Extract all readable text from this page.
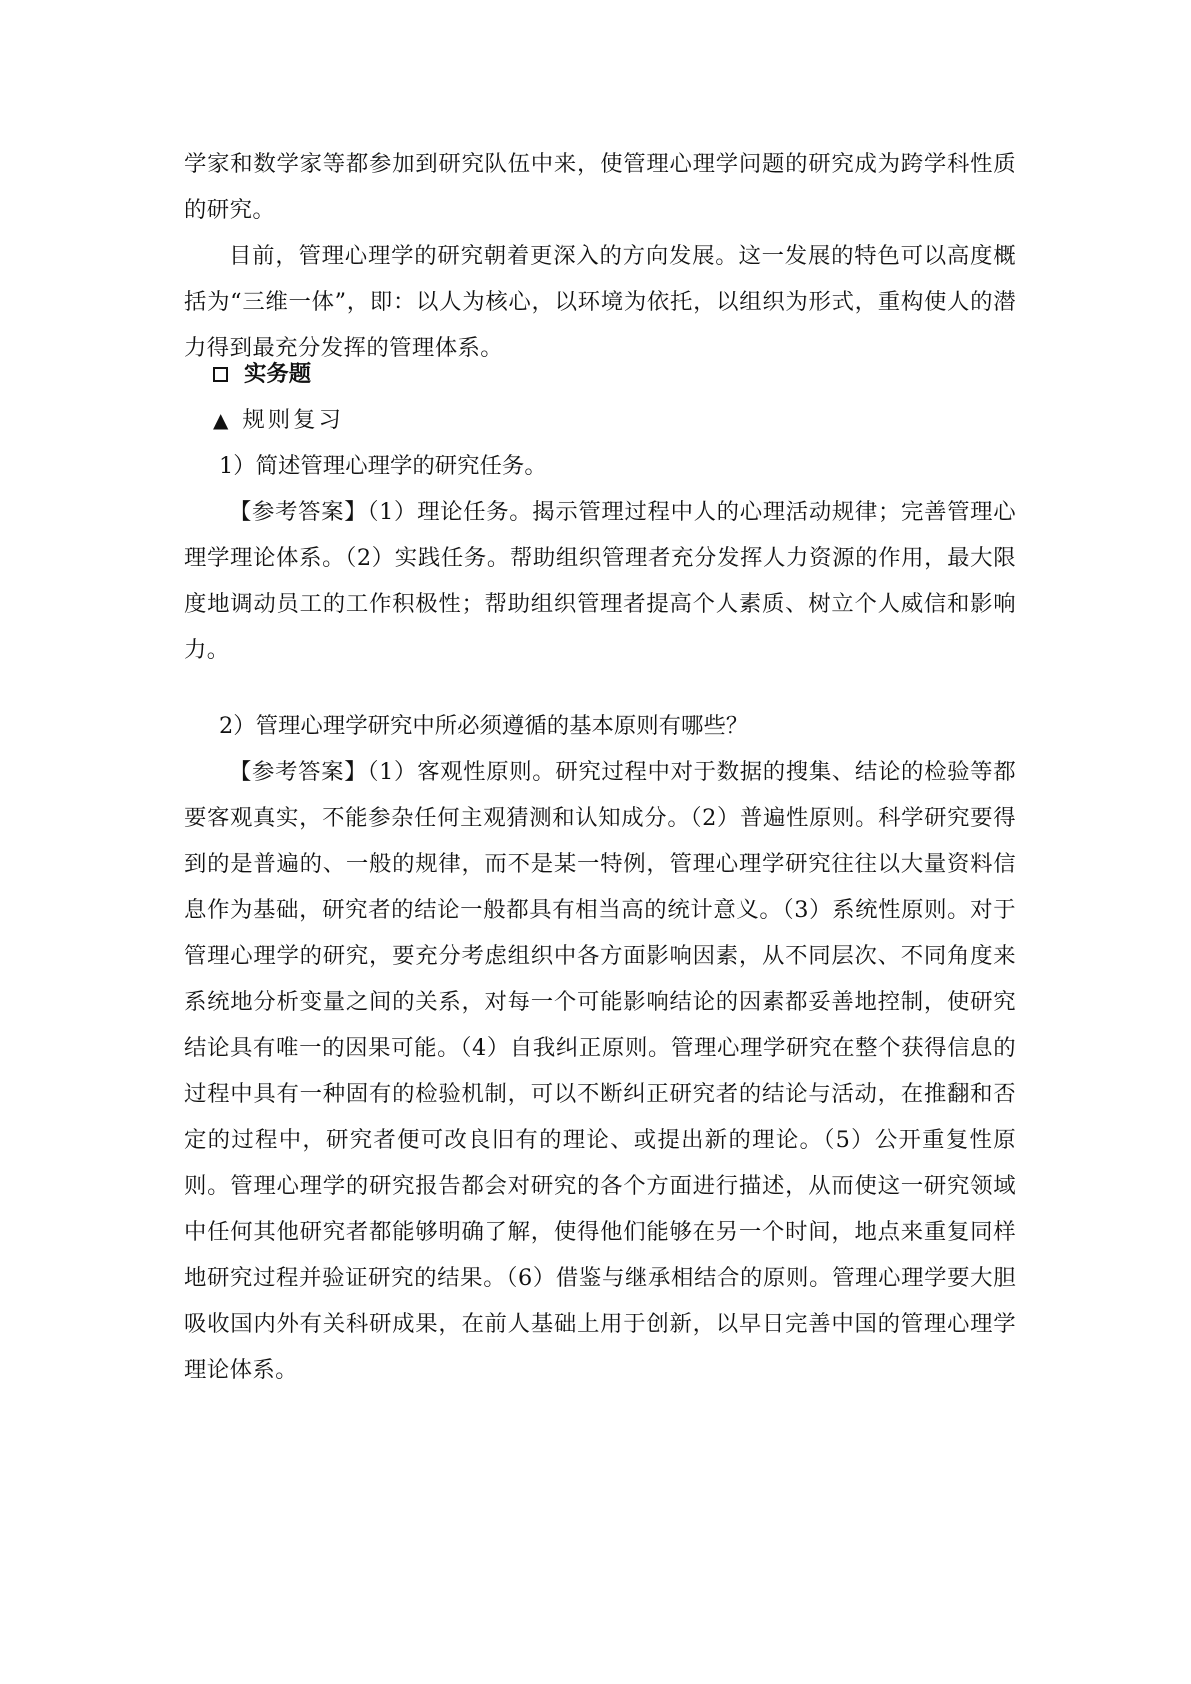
学家和数学家等都参加到研究队伍中来，使管理心理学问题的研究成为跨学科性质的研究。
目前，管理心理学的研究朝着更深入的方向发展。这一发展的特色可以高度概括为“三维一体”，即：以人为核心，以环境为依托，以组织为形式，重构使人的潜力得到最充分发挥的管理体系。
实务题
▲ 规则复习
1）简述管理心理学的研究任务。
【参考答案】（1）理论任务。揭示管理过程中人的心理活动规律；完善管理心理学理论体系。（2）实践任务。帮助组织管理者充分发挥人力资源的作用，最大限度地调动员工的工作积极性；帮助组织管理者提高个人素质、树立个人威信和影响力。
2）管理心理学研究中所必须遵循的基本原则有哪些？
【参考答案】（1）客观性原则。研究过程中对于数据的搜集、结论的检验等都要客观真实，不能参杂任何主观猜测和认知成分。（2）普遍性原则。科学研究要得到的是普遍的、一般的规律，而不是某一特例，管理心理学研究往往以大量资料信息作为基础，研究者的结论一般都具有相当高的统计意义。（3）系统性原则。对于管理心理学的研究，要充分考虑组织中各方面影响因素，从不同层次、不同角度来系统地分析变量之间的关系，对每一个可能影响结论的因素都妥善地控制，使研究结论具有唯一的因果可能。（4）自我纠正原则。管理心理学研究在整个获得信息的过程中具有一种固有的检验机制，可以不断纠正研究者的结论与活动，在推翻和否定的过程中，研究者便可改良旧有的理论、或提出新的理论。（5）公开重复性原则。管理心理学的研究报告都会对研究的各个方面进行描述，从而使这一研究领域中任何其他研究者都能够明确了解，使得他们能够在另一个时间，地点来重复同样地研究过程并验证研究的结果。（6）借鉴与继承相结合的原则。管理心理学要大胆吸收国内外有关科研成果，在前人基础上用于创新，以早日完善中国的管理心理学理论体系。
